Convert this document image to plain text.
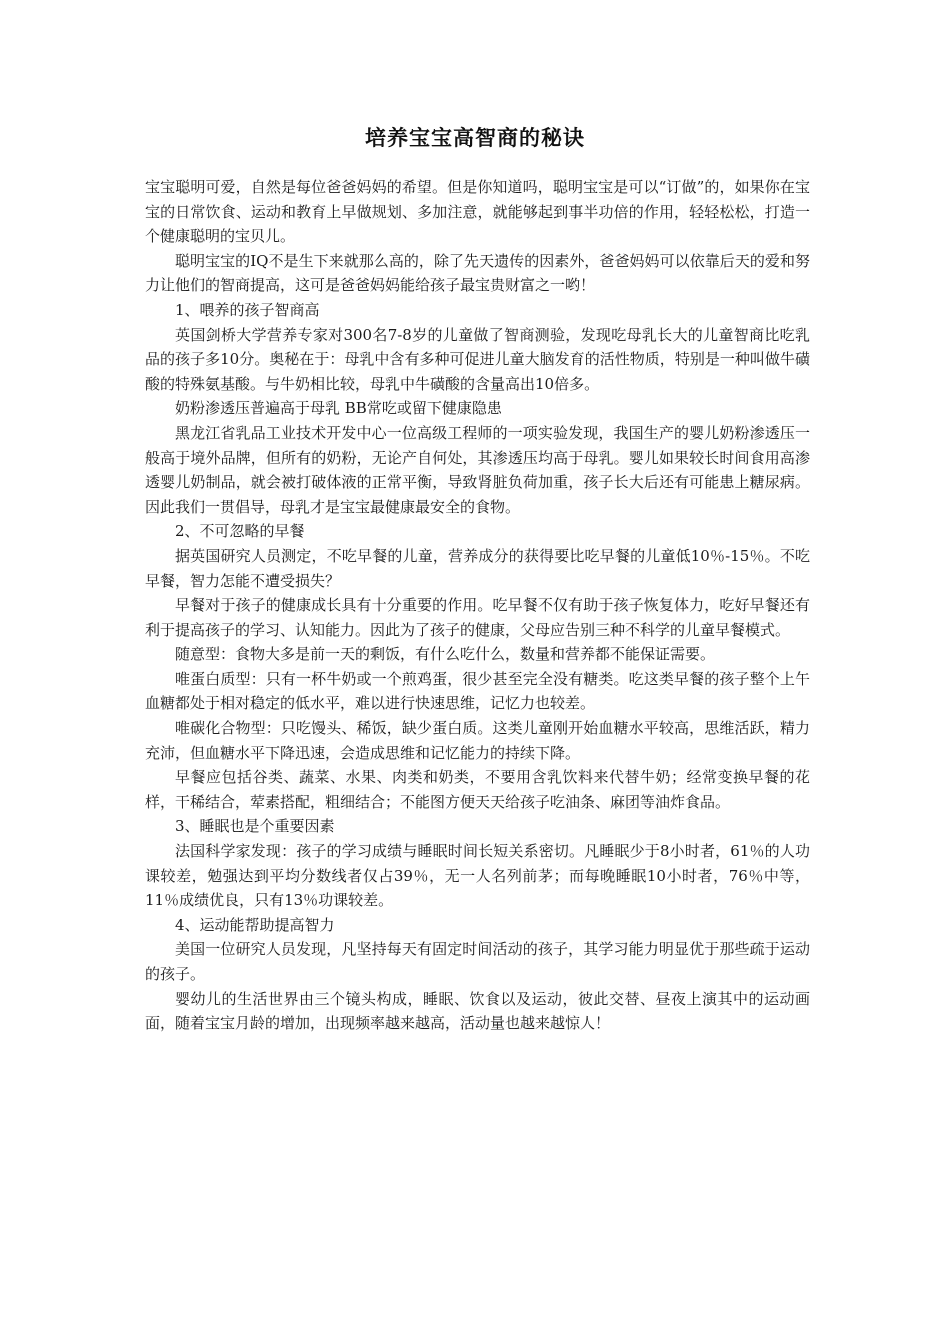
培养宝宝高智商的秘诀

宝宝聪明可爱，自然是每位爸爸妈妈的希望。但是你知道吗，聪明宝宝是可以“订做”的，如果你在宝宝的日常饮食、运动和教育上早做规划、多加注意，就能够起到事半功倍的作用，轻轻松松，打造一个健康聪明的宝贝儿。

聪明宝宝的IQ不是生下来就那么高的，除了先天遗传的因素外，爸爸妈妈可以依靠后天的爱和努力让他们的智商提高，这可是爸爸妈妈能给孩子最宝贵财富之一哟！

1、喂养的孩子智商高

英国剑桥大学营养专家对300名7-8岁的儿童做了智商测验，发现吃母乳长大的儿童智商比吃乳品的孩子多10分。奥秘在于：母乳中含有多种可促进儿童大脑发育的活性物质，特别是一种叫做牛磺酸的特殊氨基酸。与牛奶相比较，母乳中牛磺酸的含量高出10倍多。

奶粉渗透压普遍高于母乳 BB常吃或留下健康隐患

黑龙江省乳品工业技术开发中心一位高级工程师的一项实验发现，我国生产的婴儿奶粉渗透压一般高于境外品牌，但所有的奶粉，无论产自何处，其渗透压均高于母乳。婴儿如果较长时间食用高渗透婴儿奶制品，就会被打破体液的正常平衡，导致肾脏负荷加重，孩子长大后还有可能患上糖尿病。因此我们一贯倡导，母乳才是宝宝最健康最安全的食物。

2、不可忽略的早餐

据英国研究人员测定，不吃早餐的儿童，营养成分的获得要比吃早餐的儿童低10％-15％。不吃早餐，智力怎能不遭受损失？

早餐对于孩子的健康成长具有十分重要的作用。吃早餐不仅有助于孩子恢复体力，吃好早餐还有利于提高孩子的学习、认知能力。因此为了孩子的健康，父母应告别三种不科学的儿童早餐模式。

随意型：食物大多是前一天的剩饭，有什么吃什么，数量和营养都不能保证需要。

唯蛋白质型：只有一杯牛奶或一个煎鸡蛋，很少甚至完全没有糖类。吃这类早餐的孩子整个上午血糖都处于相对稳定的低水平，难以进行快速思维，记忆力也较差。

唯碳化合物型：只吃馒头、稀饭，缺少蛋白质。这类儿童刚开始血糖水平较高，思维活跃，精力充沛，但血糖水平下降迅速，会造成思维和记忆能力的持续下降。

早餐应包括谷类、蔬菜、水果、肉类和奶类，不要用含乳饮料来代替牛奶；经常变换早餐的花样，干稀结合，荤素搭配，粗细结合；不能图方便天天给孩子吃油条、麻团等油炸食品。

3、睡眠也是个重要因素

法国科学家发现：孩子的学习成绩与睡眠时间长短关系密切。凡睡眠少于8小时者，61％的人功课较差，勉强达到平均分数线者仅占39％，无一人名列前茅；而每晚睡眠10小时者，76％中等，11％成绩优良，只有13％功课较差。

4、运动能帮助提高智力

美国一位研究人员发现，凡坚持每天有固定时间活动的孩子，其学习能力明显优于那些疏于运动的孩子。

婴幼儿的生活世界由三个镜头构成，睡眠、饮食以及运动，彼此交替、昼夜上演其中的运动画面，随着宝宝月龄的增加，出现频率越来越高，活动量也越来越惊人！
